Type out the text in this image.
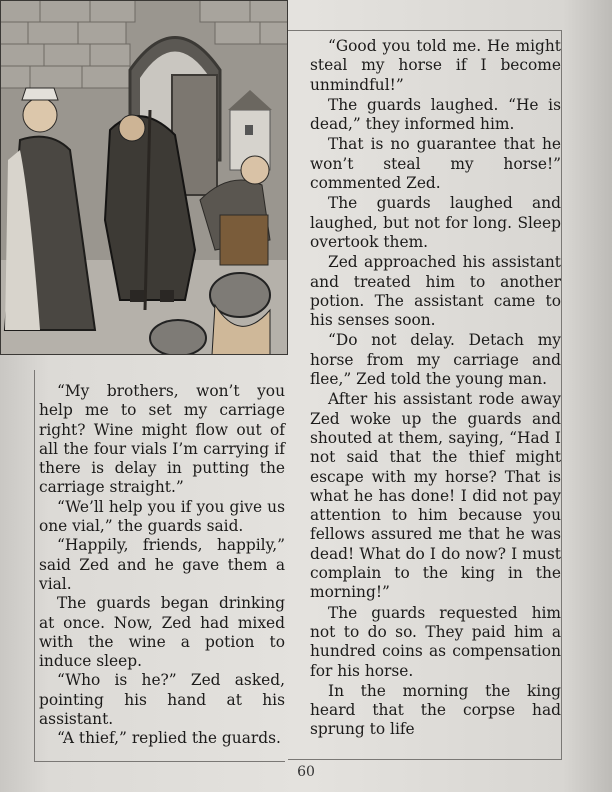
“Good you told me. He might steal my horse if I become unmindful!”

The guards laughed. “He is dead,” they informed him.

That is no guarantee that he won’t steal my horse!” commented Zed.

The guards laughed and laughed, but not for long. Sleep overtook them.

Zed approached his assistant and treated him to another potion. The assistant came to his senses soon.

“Do not delay. Detach my horse from my carriage and flee,” Zed told the young man.

After his assistant rode away Zed woke up the guards and shouted at them, saying, “Had I not said that the thief might escape with my horse? That is what he has done! I did not pay attention to him because you fellows assured me that he was dead! What do I do now? I must complain to the king in the morning!”

The guards requested him not to do so. They paid him a hundred coins as compensation for his horse.

In the morning the king heard that the corpse had sprung to life

“My brothers, won’t you help me to set my carriage right? Wine might flow out of all the four vials I’m carrying if there is delay in putting the carriage straight.”

“We’ll help you if you give us one vial,” the guards said.

“Happily, friends, happily,” said Zed and he gave them a vial.

The guards began drinking at once. Now, Zed had mixed with the wine a potion to induce sleep.

“Who is he?” Zed asked, pointing his hand at his assistant.

“A thief,” replied the guards.

60
